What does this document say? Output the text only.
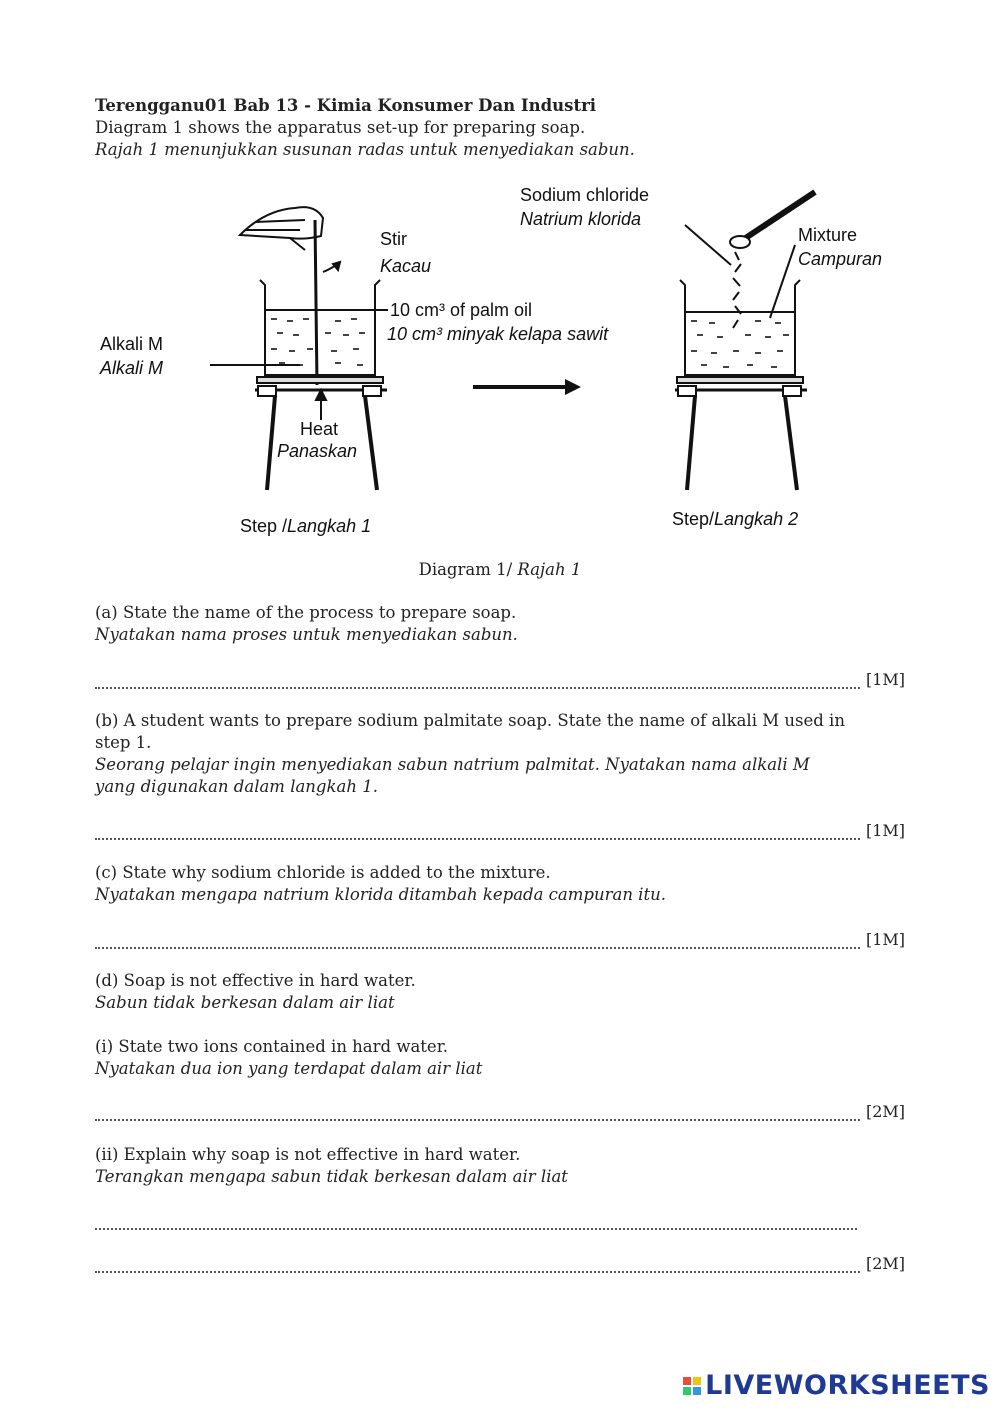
Terengganu01 Bab 13 - Kimia Konsumer Dan Industri
Diagram 1 shows the apparatus set-up for preparing soap.
Rajah 1 menunjukkan susunan radas untuk menyediakan sabun.
Stir
Kacau
10 cm³ of palm oil
10 cm³ minyak kelapa sawit
Alkali M
Alkali M
Heat
Panaskan
Step /Langkah 1
Sodium chloride
Natrium klorida
Mixture
Campuran
Step/Langkah 2
Diagram 1/ Rajah 1
(a) State the name of the process to prepare soap.
Nyatakan nama proses untuk menyediakan sabun.
[1M]
(b) A student wants to prepare sodium palmitate soap. State the name of alkali M used in
step 1.
Seorang pelajar ingin menyediakan sabun natrium palmitat. Nyatakan nama alkali M
yang digunakan dalam langkah 1.
[1M]
(c) State why sodium chloride is added to the mixture.
Nyatakan mengapa natrium klorida ditambah kepada campuran itu.
[1M]
(d) Soap is not effective in hard water.
Sabun tidak berkesan dalam air liat
(i) State two ions contained in hard water.
Nyatakan dua ion yang terdapat dalam air liat
[2M]
(ii) Explain why soap is not effective in hard water.
Terangkan mengapa sabun tidak berkesan dalam air liat
[2M]
LIVEWORKSHEETS
